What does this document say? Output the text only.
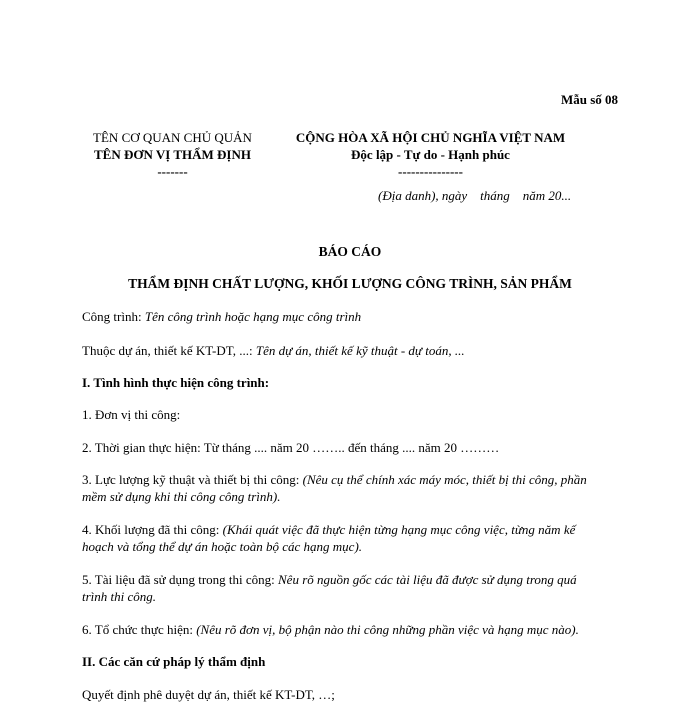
Mẫu số 08
TÊN CƠ QUAN CHỦ QUẢN
TÊN ĐƠN VỊ THẨM ĐỊNH
-------
CỘNG HÒA XÃ HỘI CHỦ NGHĨA VIỆT NAM
Độc lập - Tự do - Hạnh phúc
---------------
(Địa danh), ngày    tháng    năm 20...
BÁO CÁO
THẨM ĐỊNH CHẤT LƯỢNG, KHỐI LƯỢNG CÔNG TRÌNH, SẢN PHẨM

Công trình: Tên công trình hoặc hạng mục công trình

Thuộc dự án, thiết kế KT-DT, ...: Tên dự án, thiết kế kỹ thuật - dự toán, ...

I. Tình hình thực hiện công trình:

1. Đơn vị thi công:

2. Thời gian thực hiện: Từ tháng .... năm 20 …….. đến tháng .... năm 20 ………

3. Lực lượng kỹ thuật và thiết bị thi công: (Nêu cụ thể chính xác máy móc, thiết bị thi công, phần
mềm sử dụng khi thi công công trình).

4. Khối lượng đã thi công: (Khái quát việc đã thực hiện từng hạng mục công việc, từng năm kế
hoạch và tổng thể dự án hoặc toàn bộ các hạng mục).

5. Tài liệu đã sử dụng trong thi công: Nêu rõ nguồn gốc các tài liệu đã được sử dụng trong quá
trình thi công.

6. Tổ chức thực hiện: (Nêu rõ đơn vị, bộ phận nào thi công những phần việc và hạng mục nào).

II. Các căn cứ pháp lý thẩm định

Quyết định phê duyệt dự án, thiết kế KT-DT, …;
